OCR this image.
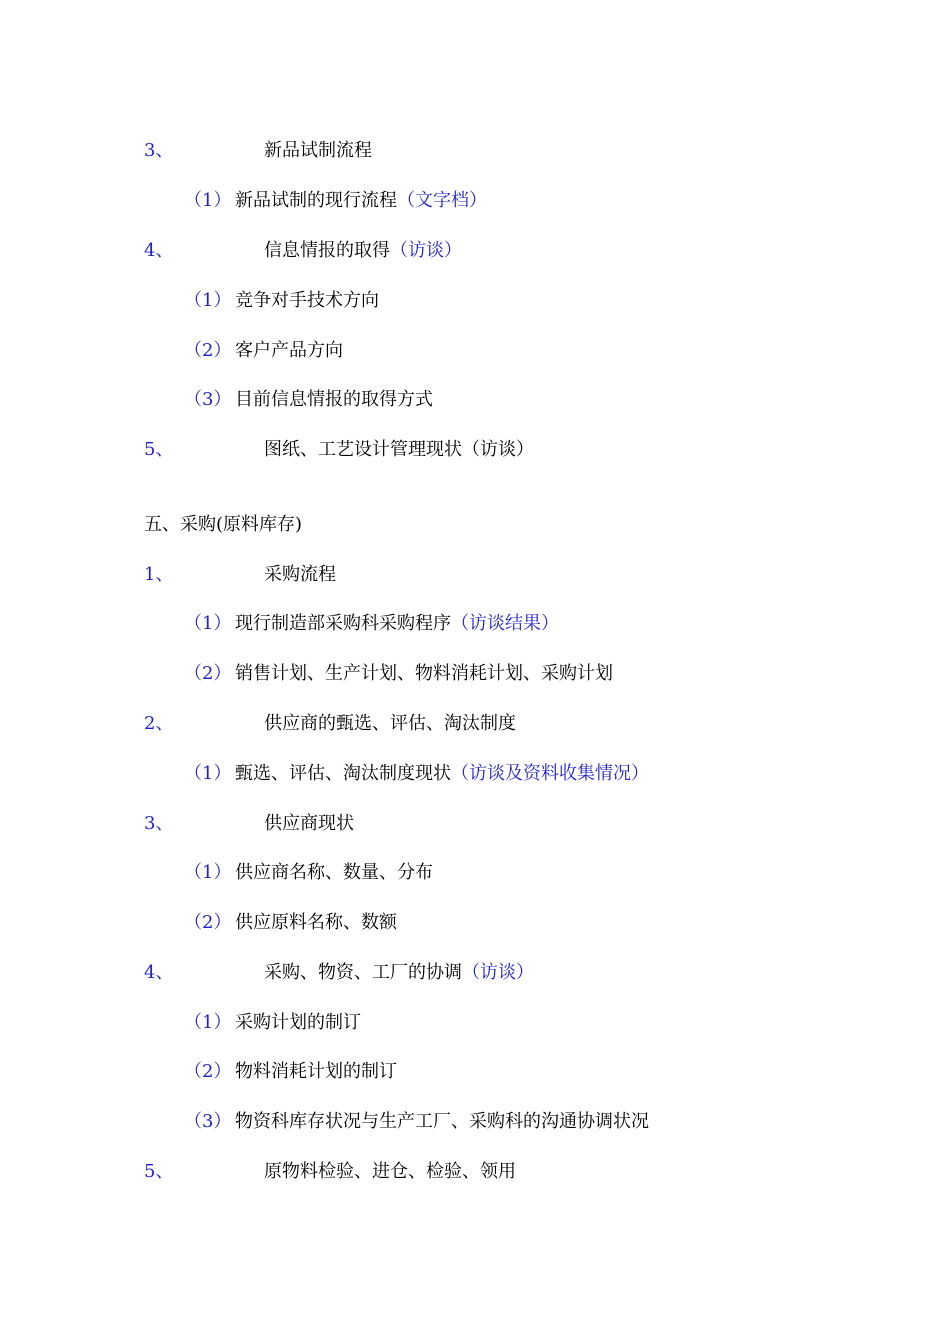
3、	新品试制流程
（1） 新品试制的现行流程（文字档）
4、	信息情报的取得（访谈）
（1） 竞争对手技术方向
（2） 客户产品方向
（3） 目前信息情报的取得方式
5、	图纸、工艺设计管理现状（访谈）
五、采购(原料库存)
1、	采购流程
（1） 现行制造部采购科采购程序（访谈结果）
（2） 销售计划、生产计划、物料消耗计划、采购计划
2、	供应商的甄选、评估、淘汰制度
（1） 甄选、评估、淘汰制度现状（访谈及资料收集情况）
3、	供应商现状
（1） 供应商名称、数量、分布
（2） 供应原料名称、数额
4、	采购、物资、工厂的协调（访谈）
（1） 采购计划的制订
（2） 物料消耗计划的制订
（3） 物资科库存状况与生产工厂、采购科的沟通协调状况
5、	原物料检验、进仓、检验、领用
